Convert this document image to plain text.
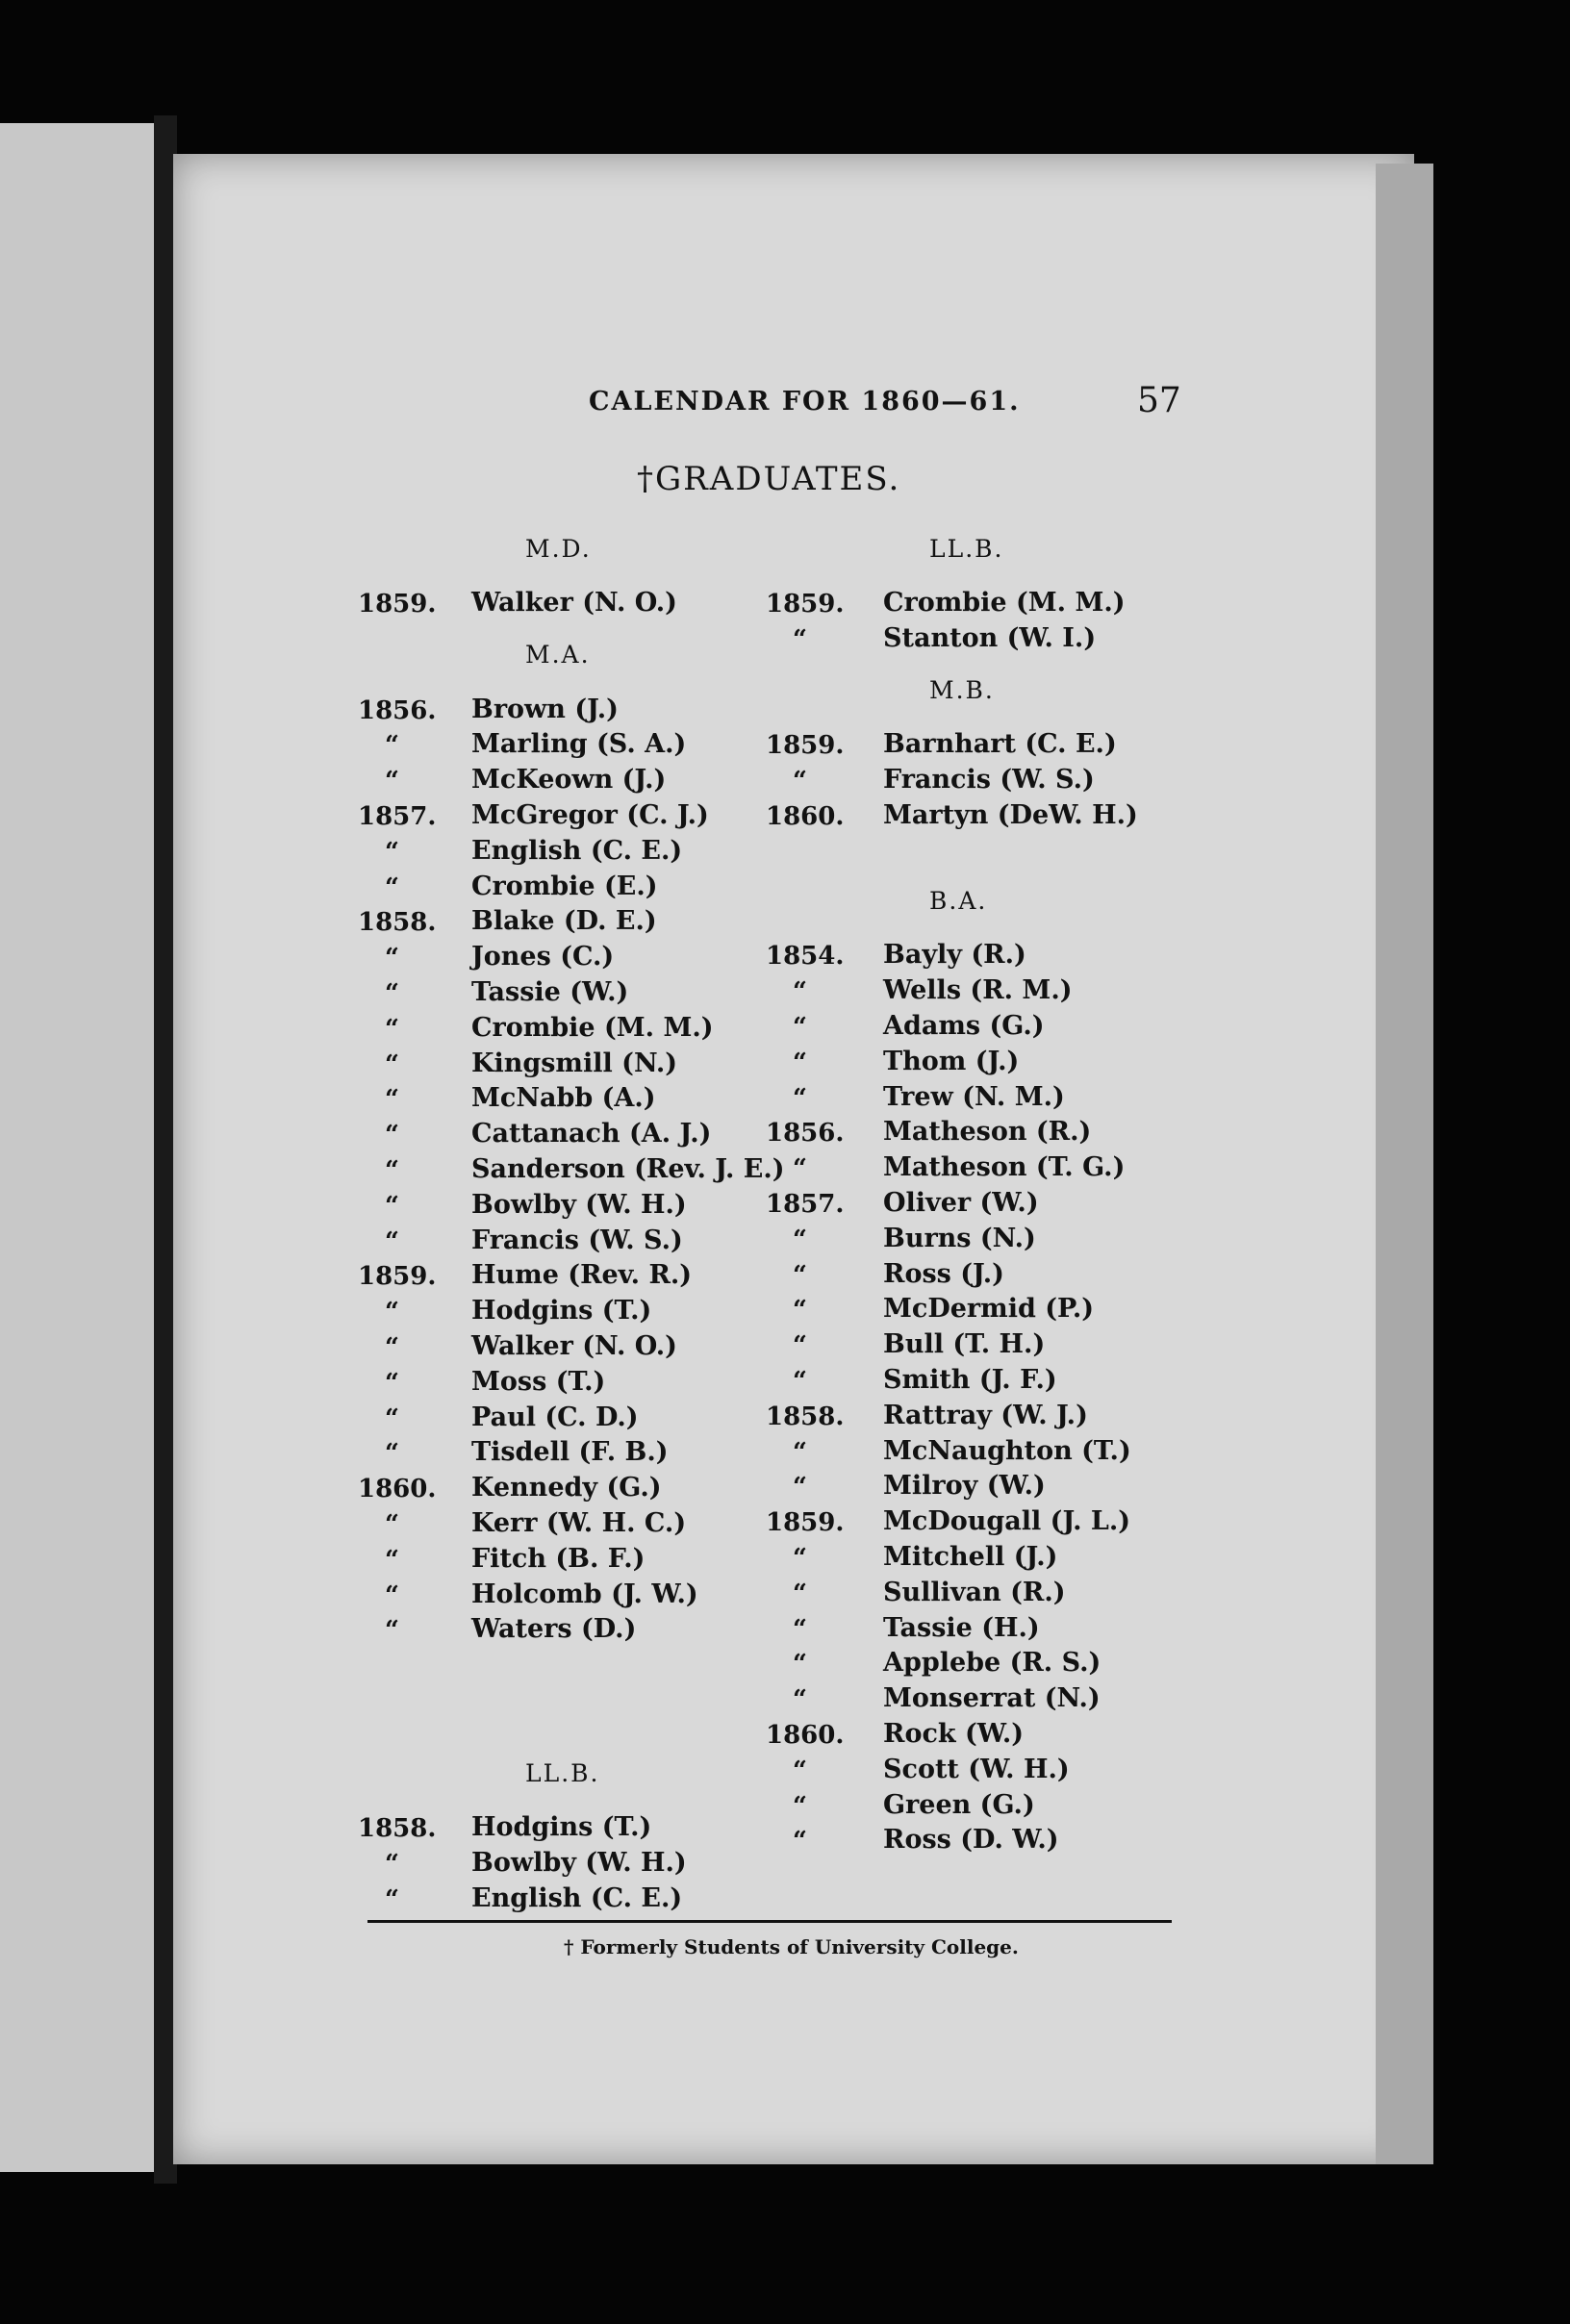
CALENDAR FOR 1860—61.	57
†GRADUATES.
M.D.
1859. Walker (N. O.)
M.A.
1856. Brown (J.)
“	Marling (S. A.)
“	McKeown (J.)
1857. McGregor (C. J.)
“	English (C. E.)
“	Crombie (E.)
1858. Blake (D. E.)
“	Jones (C.)
“	Tassie (W.)
“	Crombie (M. M.)
“	Kingsmill (N.)
“	McNabb (A.)
“	Cattanach (A. J.)
“	Sanderson (Rev. J. E.)
“	Bowlby (W. H.)
“	Francis (W. S.)
1859. Hume (Rev. R.)
“	Hodgins (T.)
“	Walker (N. O.)
“	Moss (T.)
“	Paul (C. D.)
“	Tisdell (F. B.)
1860. Kennedy (G.)
“	Kerr (W. H. C.)
“	Fitch (B. F.)
“	Holcomb (J. W.)
“	Waters (D.)
LL.B.
1858. Hodgins (T.)
“	Bowlby (W. H.)
“	English (C. E.)
LL.B.
1859. Crombie (M. M.)
“	Stanton (W. I.)
M.B.
1859. Barnhart (C. E.)
“	Francis (W. S.)
1860. Martyn (DeW. H.)
B.A.
1854. Bayly (R.)
“	Wells (R. M.)
“	Adams (G.)
“	Thom (J.)
“	Trew (N. M.)
1856. Matheson (R.)
“	Matheson (T. G.)
1857. Oliver (W.)
“	Burns (N.)
“	Ross (J.)
“	McDermid (P.)
“	Bull (T. H.)
“	Smith (J. F.)
1858. Rattray (W. J.)
“	McNaughton (T.)
“	Milroy (W.)
1859. McDougall (J. L.)
“	Mitchell (J.)
“	Sullivan (R.)
“	Tassie (H.)
“	Applebe (R. S.)
“	Monserrat (N.)
1860. Rock (W.)
“	Scott (W. H.)
“	Green (G.)
“	Ross (D. W.)
† Formerly Students of University College.
